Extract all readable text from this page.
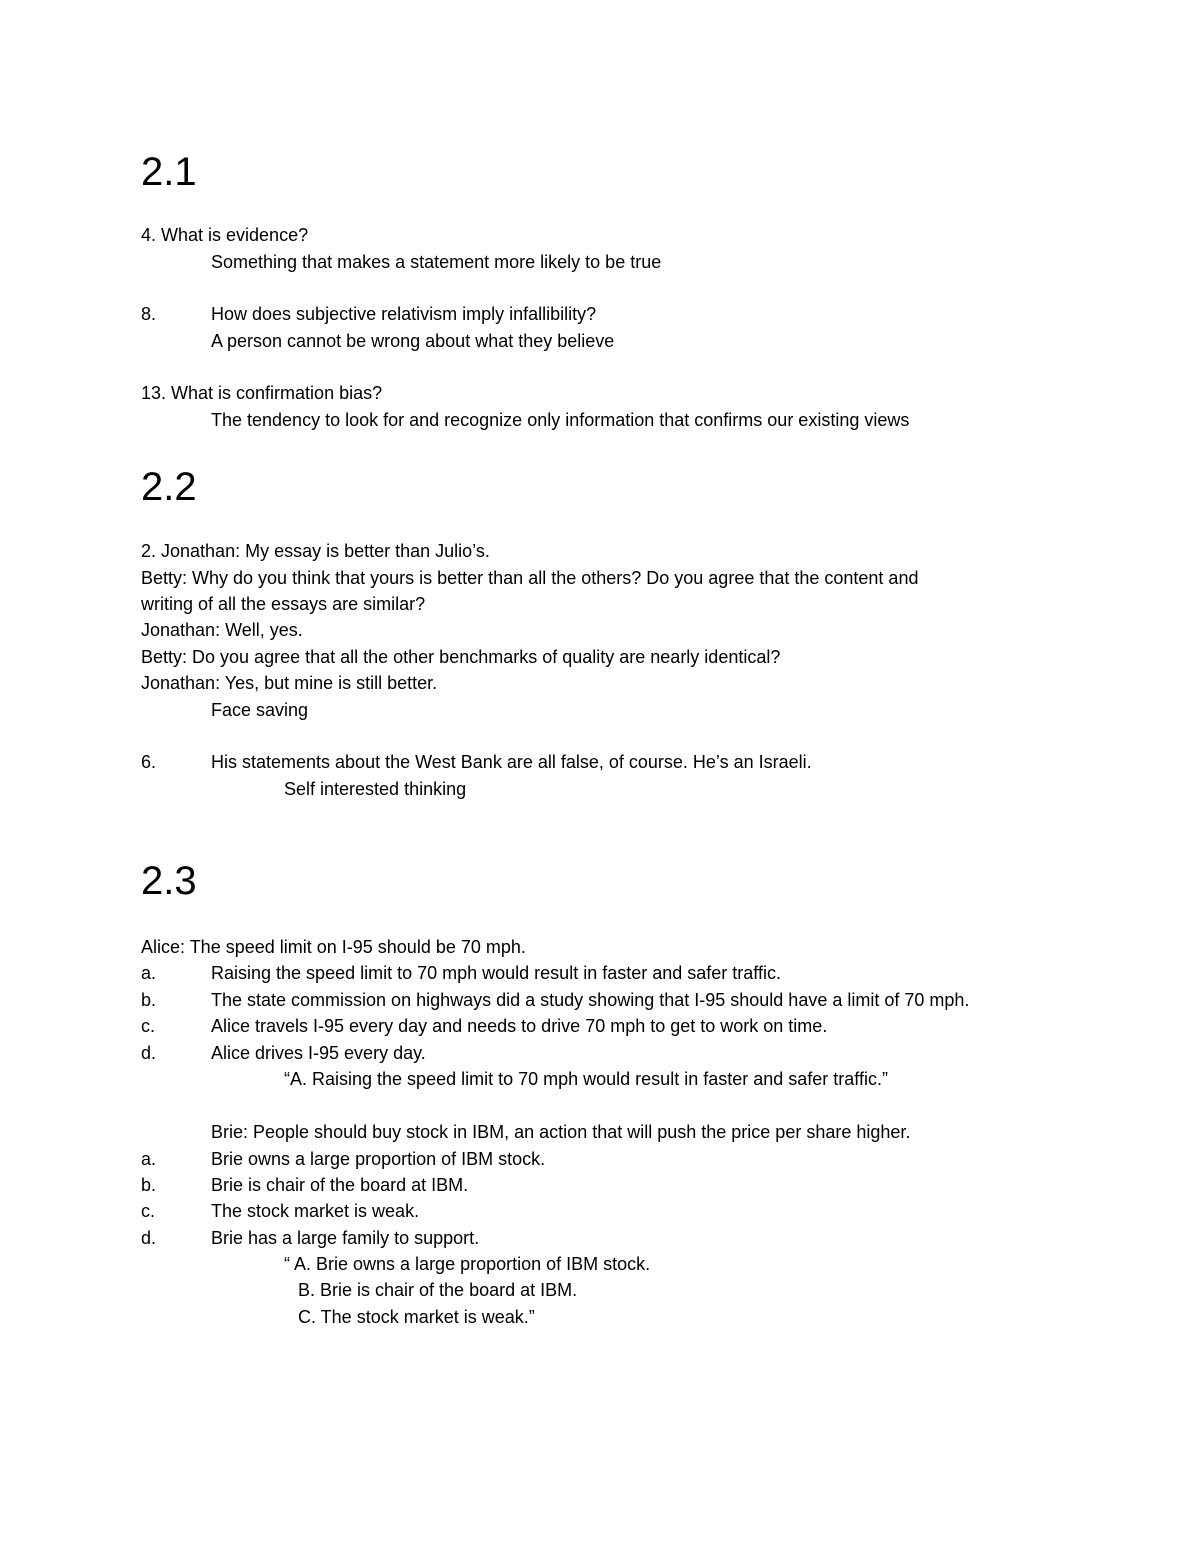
2.1
4. What is evidence?
Something that makes a statement more likely to be true
8.	How does subjective relativism imply infallibility?
A person cannot be wrong about what they believe
13. What is confirmation bias?
The tendency to look for and recognize only information that confirms our existing views
2.2
2. Jonathan: My essay is better than Julio’s.
Betty: Why do you think that yours is better than all the others? Do you agree that the content and
writing of all the essays are similar?
Jonathan: Well, yes.
Betty: Do you agree that all the other benchmarks of quality are nearly identical?
Jonathan: Yes, but mine is still better.
Face saving
6.	His statements about the West Bank are all false, of course. He’s an Israeli.
Self interested thinking
2.3
Alice: The speed limit on I-95 should be 70 mph.
a.	Raising the speed limit to 70 mph would result in faster and safer traffic.
b.	The state commission on highways did a study showing that I-95 should have a limit of 70 mph.
c.	Alice travels I-95 every day and needs to drive 70 mph to get to work on time.
d.	Alice drives I-95 every day.
“A. Raising the speed limit to 70 mph would result in faster and safer traffic.”
Brie: People should buy stock in IBM, an action that will push the price per share higher.
a.	Brie owns a large proportion of IBM stock.
b.	Brie is chair of the board at IBM.
c.	The stock market is weak.
d.	Brie has a large family to support.
“ A. Brie owns a large proportion of IBM stock.
B. Brie is chair of the board at IBM.
C. The stock market is weak.”
